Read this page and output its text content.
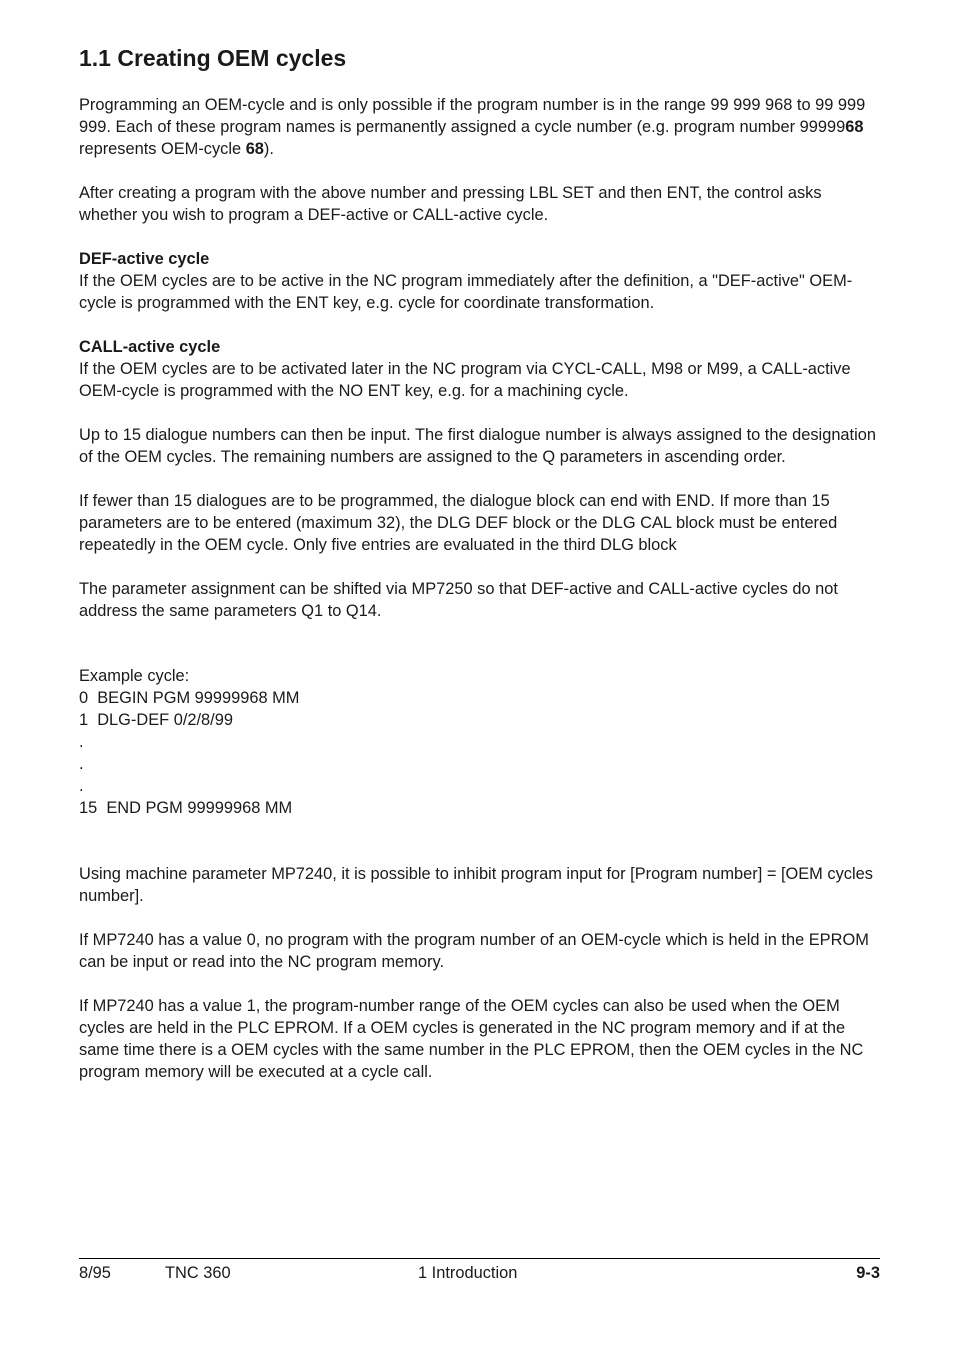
1.1 Creating OEM cycles

Programming an OEM-cycle and is only possible if the program number is in the range 99 999 968 to 99 999 999. Each of these program names is permanently assigned a cycle number (e.g. program number 9999968 represents OEM-cycle 68).

After creating a program with the above number and pressing LBL SET and then ENT, the control asks whether you wish to program a DEF-active or CALL-active cycle.

DEF-active cycle

If the OEM cycles are to be active in the NC program immediately after the definition, a "DEF-active" OEM-cycle is programmed with the ENT key, e.g. cycle for coordinate transformation.

CALL-active cycle

If the OEM cycles are to be activated later in the NC program via CYCL-CALL, M98 or M99, a CALL-active OEM-cycle is programmed with the NO ENT key, e.g. for a machining cycle.

Up to 15 dialogue numbers can then be input. The first dialogue number is always assigned to the designation of the OEM cycles. The remaining numbers are assigned to the Q parameters in ascending order.

If fewer than 15 dialogues are to be programmed, the dialogue block can end with END. If more than 15 parameters are to be entered (maximum 32), the DLG DEF block or the DLG CAL block must be entered repeatedly in the OEM cycle. Only five entries are evaluated in the third DLG block

The parameter assignment can be shifted via MP7250 so that DEF-active and CALL-active cycles do not address the same parameters Q1 to Q14.

Example cycle:

0  BEGIN PGM 99999968 MM

1  DLG-DEF 0/2/8/99

.

.

.

15  END PGM 99999968 MM

Using machine parameter MP7240, it is possible to inhibit program input for [Program number] = [OEM cycles number].

If MP7240 has a value 0, no program with the program number of an OEM-cycle which is held in the EPROM can be input or read into the NC program memory.

If MP7240 has a value 1, the program-number range of the OEM cycles can also be used when the OEM cycles are held in the PLC EPROM. If a OEM cycles is generated in the NC program memory and if at the same time there is a OEM cycles with the same number in the PLC EPROM, then the OEM cycles in the NC program memory will be executed at a cycle call.

8/95	TNC 360	1 Introduction	9-3
